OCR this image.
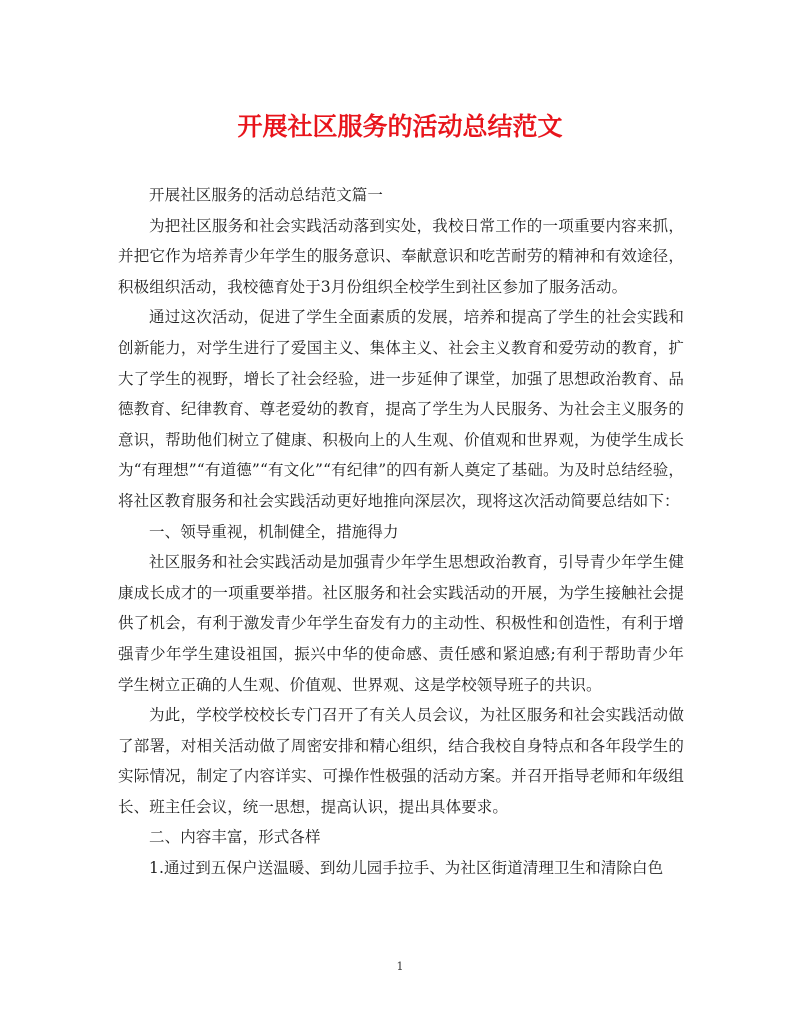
开展社区服务的活动总结范文

开展社区服务的活动总结范文篇一

为把社区服务和社会实践活动落到实处，我校日常工作的一项重要内容来抓，并把它作为培养青少年学生的服务意识、奉献意识和吃苦耐劳的精神和有效途径，积极组织活动，我校德育处于3月份组织全校学生到社区参加了服务活动。

通过这次活动，促进了学生全面素质的发展，培养和提高了学生的社会实践和创新能力，对学生进行了爱国主义、集体主义、社会主义教育和爱劳动的教育，扩大了学生的视野，增长了社会经验，进一步延伸了课堂，加强了思想政治教育、品德教育、纪律教育、尊老爱幼的教育，提高了学生为人民服务、为社会主义服务的意识，帮助他们树立了健康、积极向上的人生观、价值观和世界观，为使学生成长为“有理想”“有道德”“有文化”“有纪律”的四有新人奠定了基础。为及时总结经验，将社区教育服务和社会实践活动更好地推向深层次，现将这次活动简要总结如下：

一、领导重视，机制健全，措施得力

社区服务和社会实践活动是加强青少年学生思想政治教育，引导青少年学生健康成长成才的一项重要举措。社区服务和社会实践活动的开展，为学生接触社会提供了机会，有利于激发青少年学生奋发有力的主动性、积极性和创造性，有利于增强青少年学生建设祖国，振兴中华的使命感、责任感和紧迫感;有利于帮助青少年学生树立正确的人生观、价值观、世界观、这是学校领导班子的共识。

为此，学校学校校长专门召开了有关人员会议，为社区服务和社会实践活动做了部署，对相关活动做了周密安排和精心组织，结合我校自身特点和各年段学生的实际情况，制定了内容详实、可操作性极强的活动方案。并召开指导老师和年级组长、班主任会议，统一思想，提高认识，提出具体要求。

二、内容丰富，形式各样

1.通过到五保户送温暖、到幼儿园手拉手、为社区街道清理卫生和清除白色

1
